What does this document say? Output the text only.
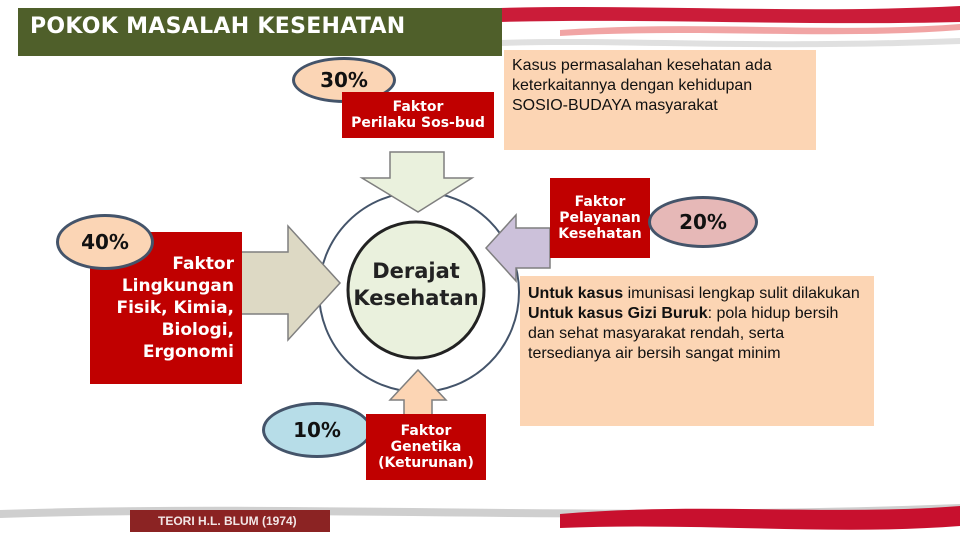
POKOK MASALAH KESEHATAN
Derajat
Kesehatan
30%
Faktor
Perilaku Sos-bud
Faktor
Pelayanan
Kesehatan
20%
Faktor
Lingkungan
Fisik, Kimia,
Biologi,
Ergonomi
40%
10%	Faktor
Genetika
(Keturunan)

Kasus permasalahan kesehatan ada keterkaitannya dengan kehidupan SOSIO-BUDAYA masyarakat

Untuk kasus imunisasi lengkap sulit dilakukan

Untuk kasus Gizi Buruk: pola hidup bersih dan sehat masyarakat rendah, serta tersedianya air bersih sangat minim

TEORI H.L. BLUM (1974)
